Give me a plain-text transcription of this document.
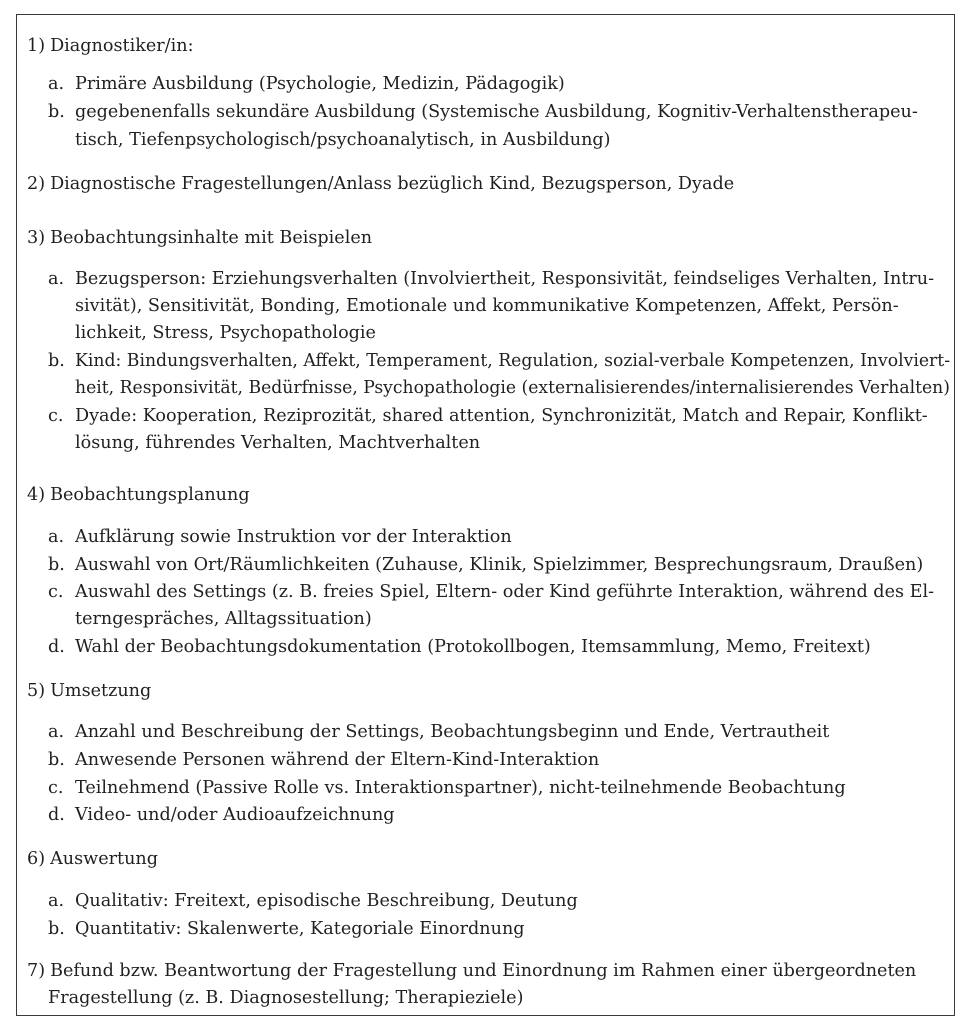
1) Diagnostiker/in:
a. Primäre Ausbildung (Psychologie, Medizin, Pädagogik)
b. gegebenenfalls sekundäre Ausbildung (Systemische Ausbildung, Kognitiv-Verhaltenstherapeu-
tisch, Tiefenpsychologisch/psychoanalytisch, in Ausbildung)
2) Diagnostische Fragestellungen/Anlass bezüglich Kind, Bezugsperson, Dyade
3) Beobachtungsinhalte mit Beispielen
a. Bezugsperson: Erziehungsverhalten (Involviertheit, Responsivität, feindseliges Verhalten, Intru-
sivität), Sensitivität, Bonding, Emotionale und kommunikative Kompetenzen, Affekt, Persön-
lichkeit, Stress, Psychopathologie
b. Kind: Bindungsverhalten, Affekt, Temperament, Regulation, sozial-verbale Kompetenzen, Involviert-
heit, Responsivität, Bedürfnisse, Psychopathologie (externalisierendes/internalisierendes Verhalten)
c. Dyade: Kooperation, Reziprozität, shared attention, Synchronizität, Match and Repair, Konflikt-
lösung, führendes Verhalten, Machtverhalten
4) Beobachtungsplanung
a. Aufklärung sowie Instruktion vor der Interaktion
b. Auswahl von Ort/Räumlichkeiten (Zuhause, Klinik, Spielzimmer, Besprechungsraum, Draußen)
c. Auswahl des Settings (z. B. freies Spiel, Eltern- oder Kind geführte Interaktion, während des El-
terngespräches, Alltagssituation)
d. Wahl der Beobachtungsdokumentation (Protokollbogen, Itemsammlung, Memo, Freitext)
5) Umsetzung
a. Anzahl und Beschreibung der Settings, Beobachtungsbeginn und Ende, Vertrautheit
b. Anwesende Personen während der Eltern-Kind-Interaktion
c. Teilnehmend (Passive Rolle vs. Interaktionspartner), nicht-teilnehmende Beobachtung
d. Video- und/oder Audioaufzeichnung
6) Auswertung
a. Qualitativ: Freitext, episodische Beschreibung, Deutung
b. Quantitativ: Skalenwerte, Kategoriale Einordnung
7) Befund bzw. Beantwortung der Fragestellung und Einordnung im Rahmen einer übergeordneten
Fragestellung (z. B. Diagnosestellung; Therapieziele)
